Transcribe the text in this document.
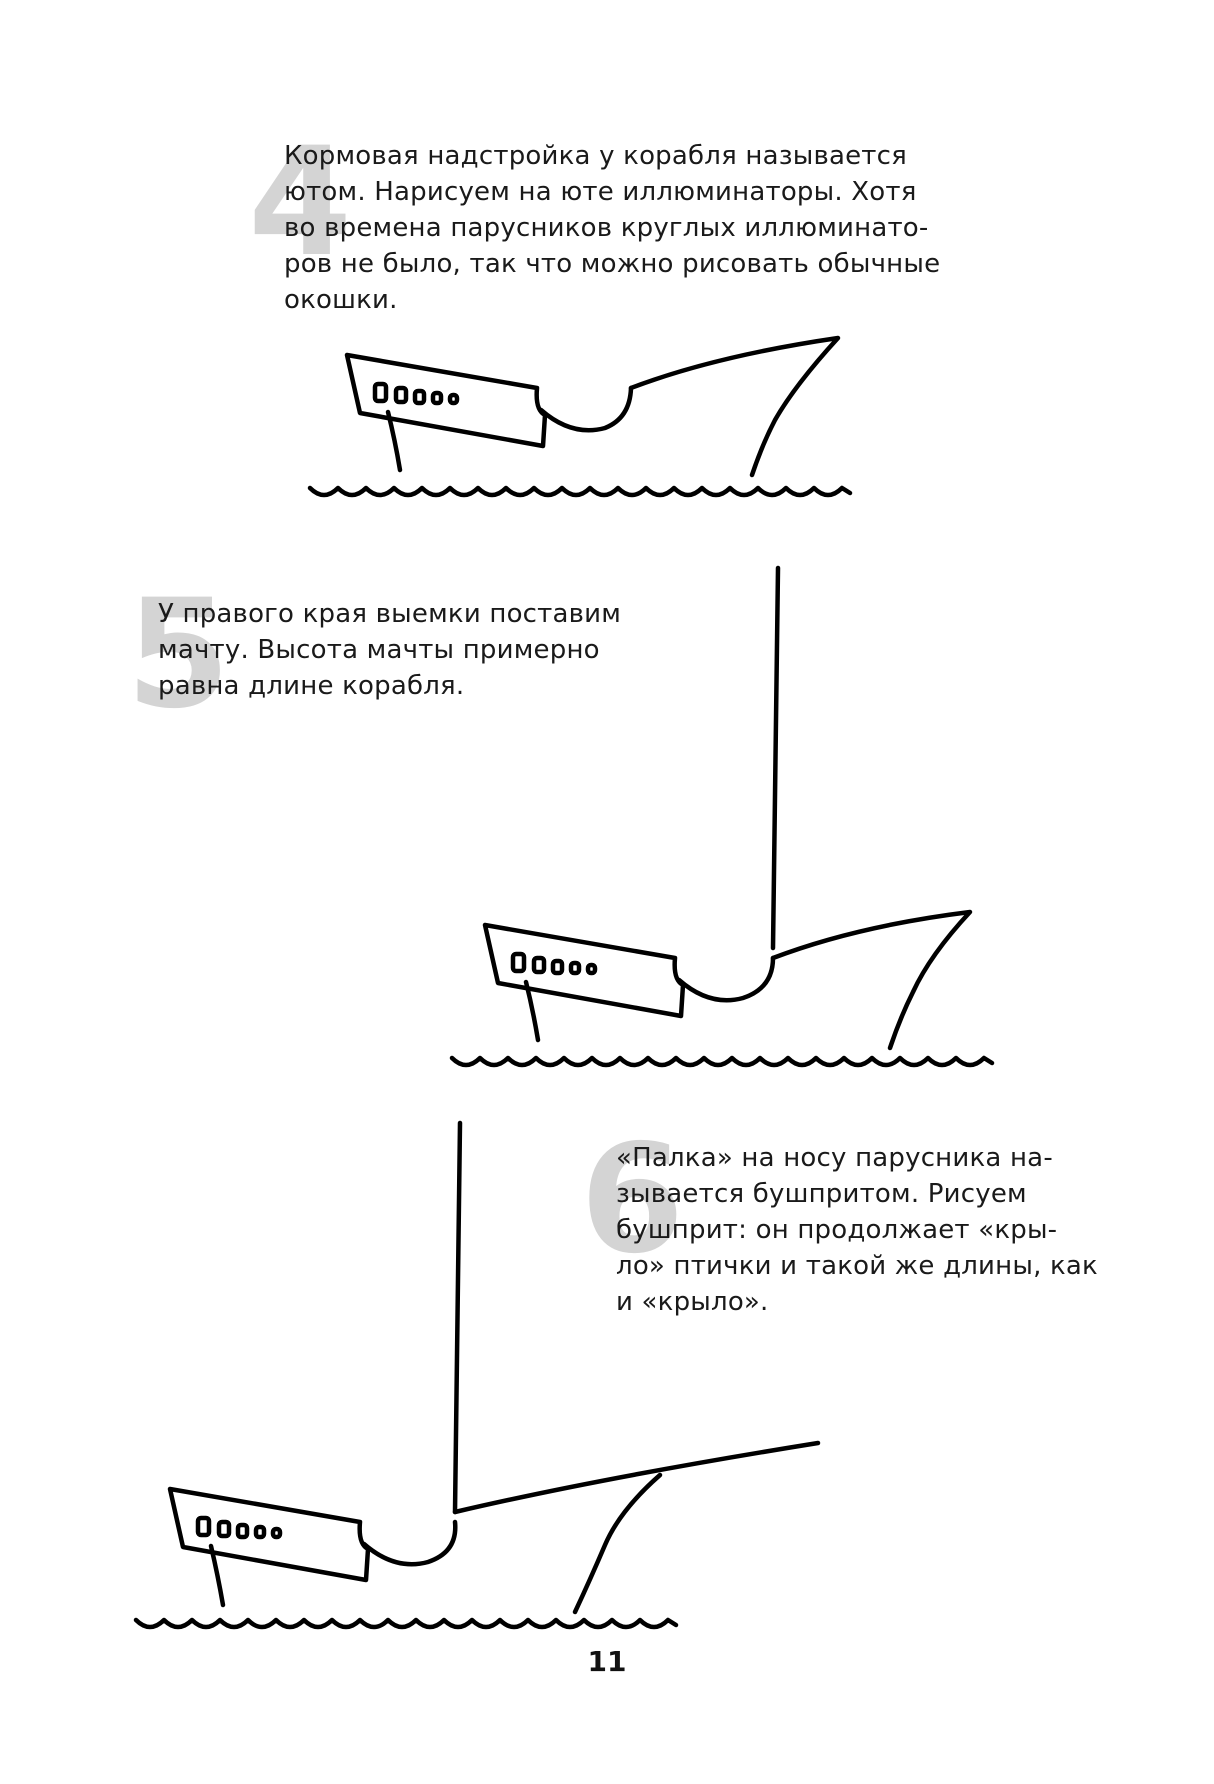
4
Кормовая надстройка у корабля называется
ютом. Нарисуем на юте иллюминаторы. Хотя
во времена парусников круглых иллюминато-
ров не было, так что можно рисовать обычные
окошки.
5
У правого края выемки поставим
мачту. Высота мачты примерно
равна длине корабля.
6
«Палка» на носу парусника на-
зывается бушпритом. Рисуем
бушприт: он продолжает «кры-
ло» птички и такой же длины, как
и «крыло».
11
